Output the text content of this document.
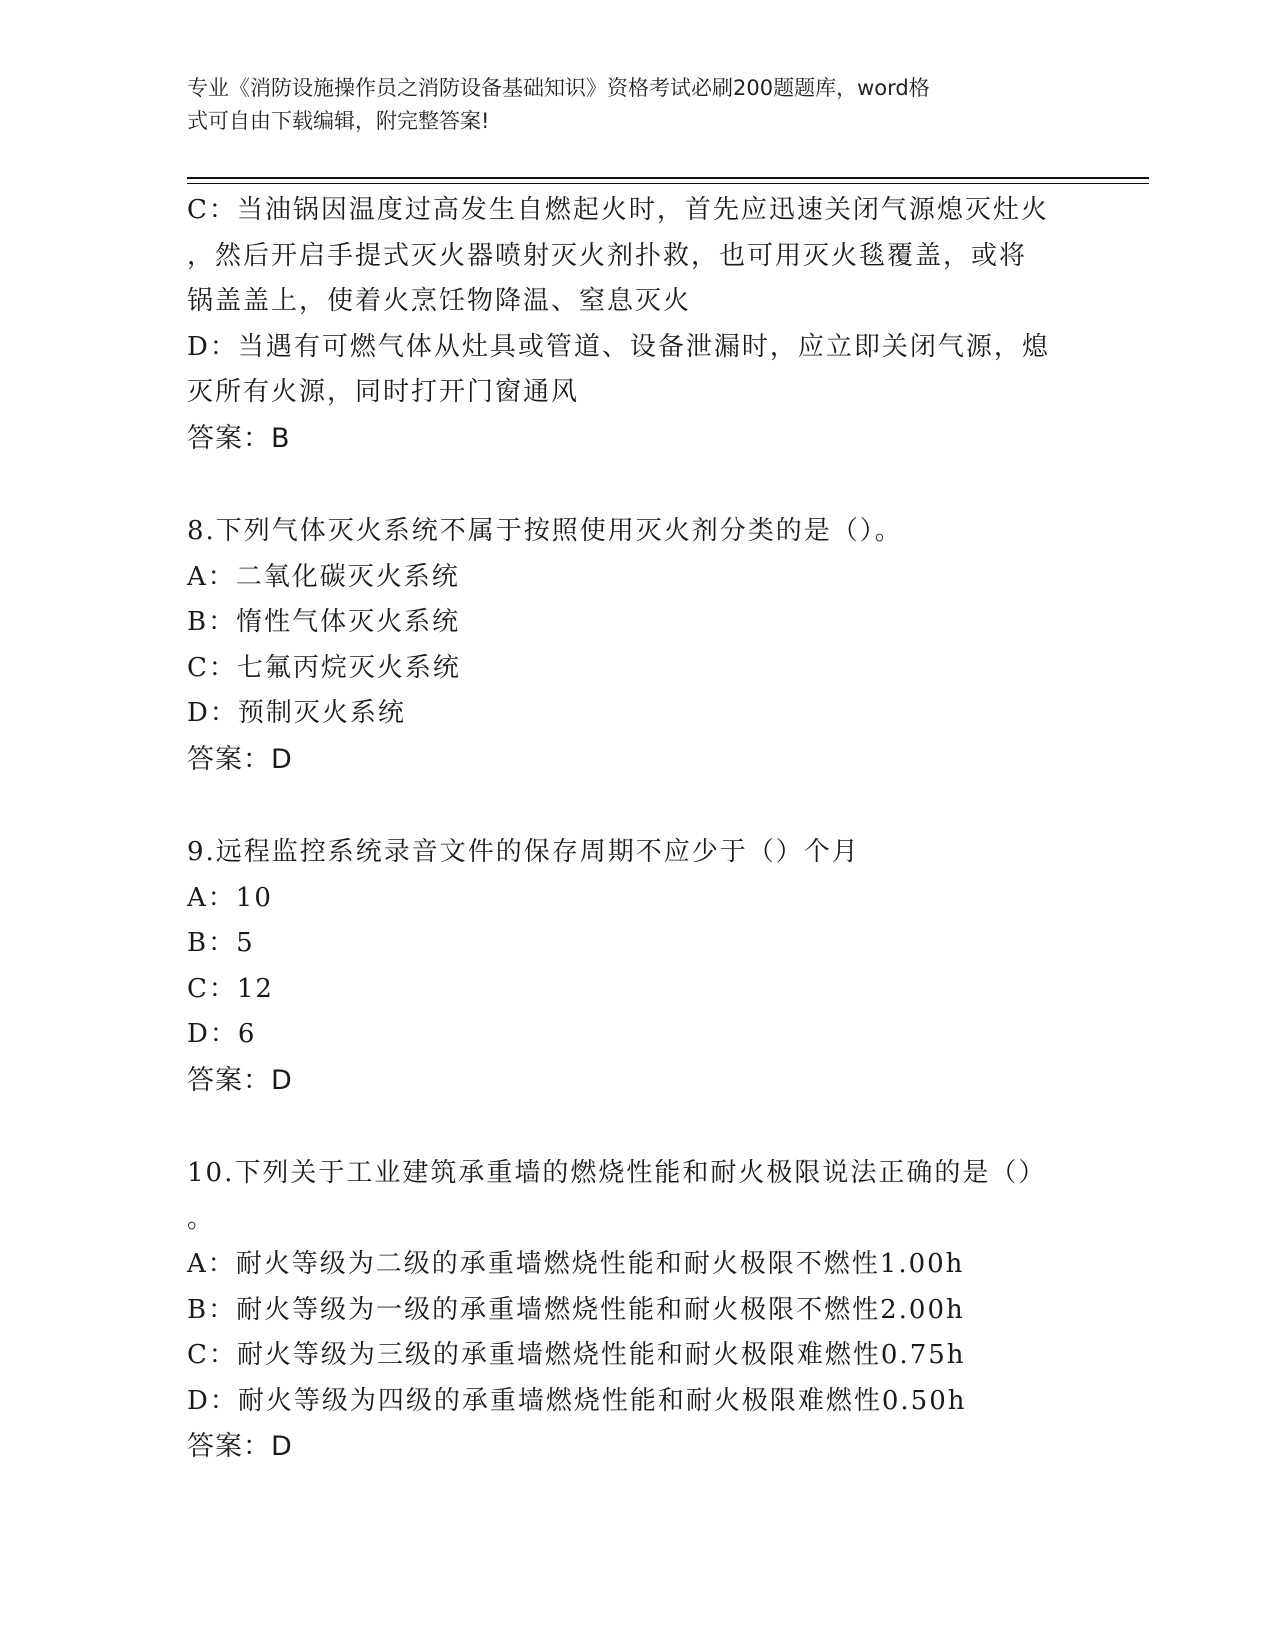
专业《消防设施操作员之消防设备基础知识》资格考试必刷200题题库，word格
式可自由下载编辑，附完整答案!

C：当油锅因温度过高发生自燃起火时，首先应迅速关闭气源熄灭灶火

，然后开启手提式灭火器喷射灭火剂扑救，也可用灭火毯覆盖，或将

锅盖盖上，使着火烹饪物降温、窒息灭火

D：当遇有可燃气体从灶具或管道、设备泄漏时，应立即关闭气源，熄

灭所有火源，同时打开门窗通风

答案：B

8.下列气体灭火系统不属于按照使用灭火剂分类的是（）。

A：二氧化碳灭火系统

B：惰性气体灭火系统

C：七氟丙烷灭火系统

D：预制灭火系统

答案：D

9.远程监控系统录音文件的保存周期不应少于（）个月

A：10

B：5

C：12

D：6

答案：D

10.下列关于工业建筑承重墙的燃烧性能和耐火极限说法正确的是（）

。

A：耐火等级为二级的承重墙燃烧性能和耐火极限不燃性1.00h

B：耐火等级为一级的承重墙燃烧性能和耐火极限不燃性2.00h

C：耐火等级为三级的承重墙燃烧性能和耐火极限难燃性0.75h

D：耐火等级为四级的承重墙燃烧性能和耐火极限难燃性0.50h

答案：D
